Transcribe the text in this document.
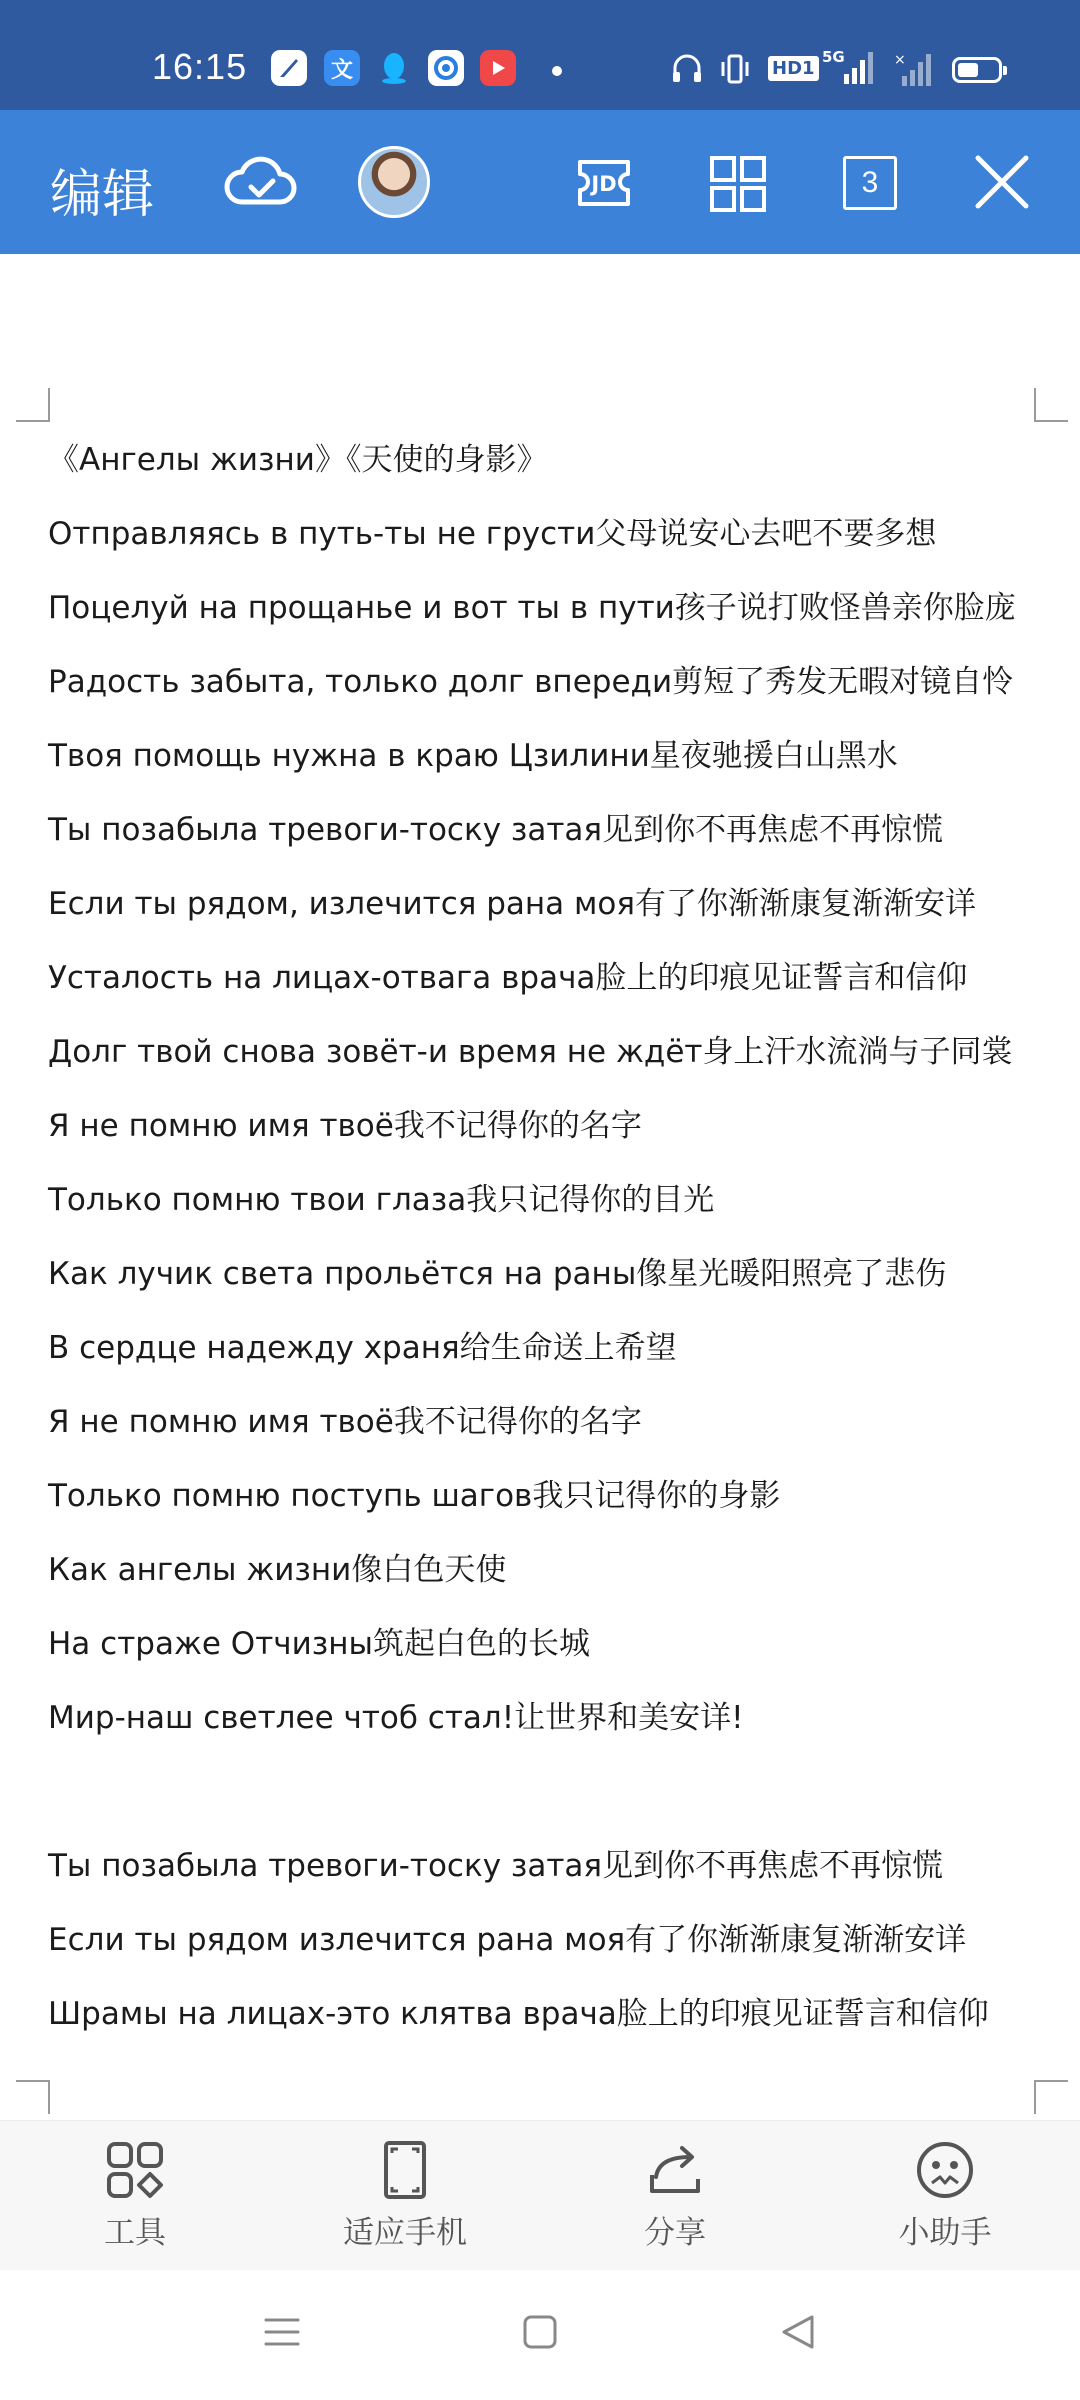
16:15	文	HD1
5G	×
编辑	JD	3
《Ангелы жизни》《天使的身影》
Отправляясь в путь-ты не грусти父母说安心去吧不要多想
Поцелуй на прощанье и вот ты в пути孩子说打败怪兽亲你脸庞
Радость забыта, только долг впереди剪短了秀发无暇对镜自怜
Твоя помощь нужна в краю Цзилини星夜驰援白山黑水
Ты позабыла тревоги-тоску затая见到你不再焦虑不再惊慌
Если ты рядом, излечится рана моя有了你渐渐康复渐渐安详
Усталость на лицах-отвага врача脸上的印痕见证誓言和信仰
Долг твой снова зовёт-и время не ждёт身上汗水流淌与子同裳
Я не помню имя твоё我不记得你的名字
Только помню твои глаза我只记得你的目光
Как лучик света прольётся на раны像星光暖阳照亮了悲伤
В сердце надежду храня给生命送上希望
Я не помню имя твоё我不记得你的名字
Только помню поступь шагов我只记得你的身影
Как ангелы жизни像白色天使
На страже Отчизны筑起白色的长城
Мир-наш светлее чтоб стал!让世界和美安详!
Ты позабыла тревоги-тоску затая见到你不再焦虑不再惊慌
Если ты рядом излечится рана моя有了你渐渐康复渐渐安详
Шрамы на лицах-это клятва врача脸上的印痕见证誓言和信仰
工具	适应手机	分享	小助手
